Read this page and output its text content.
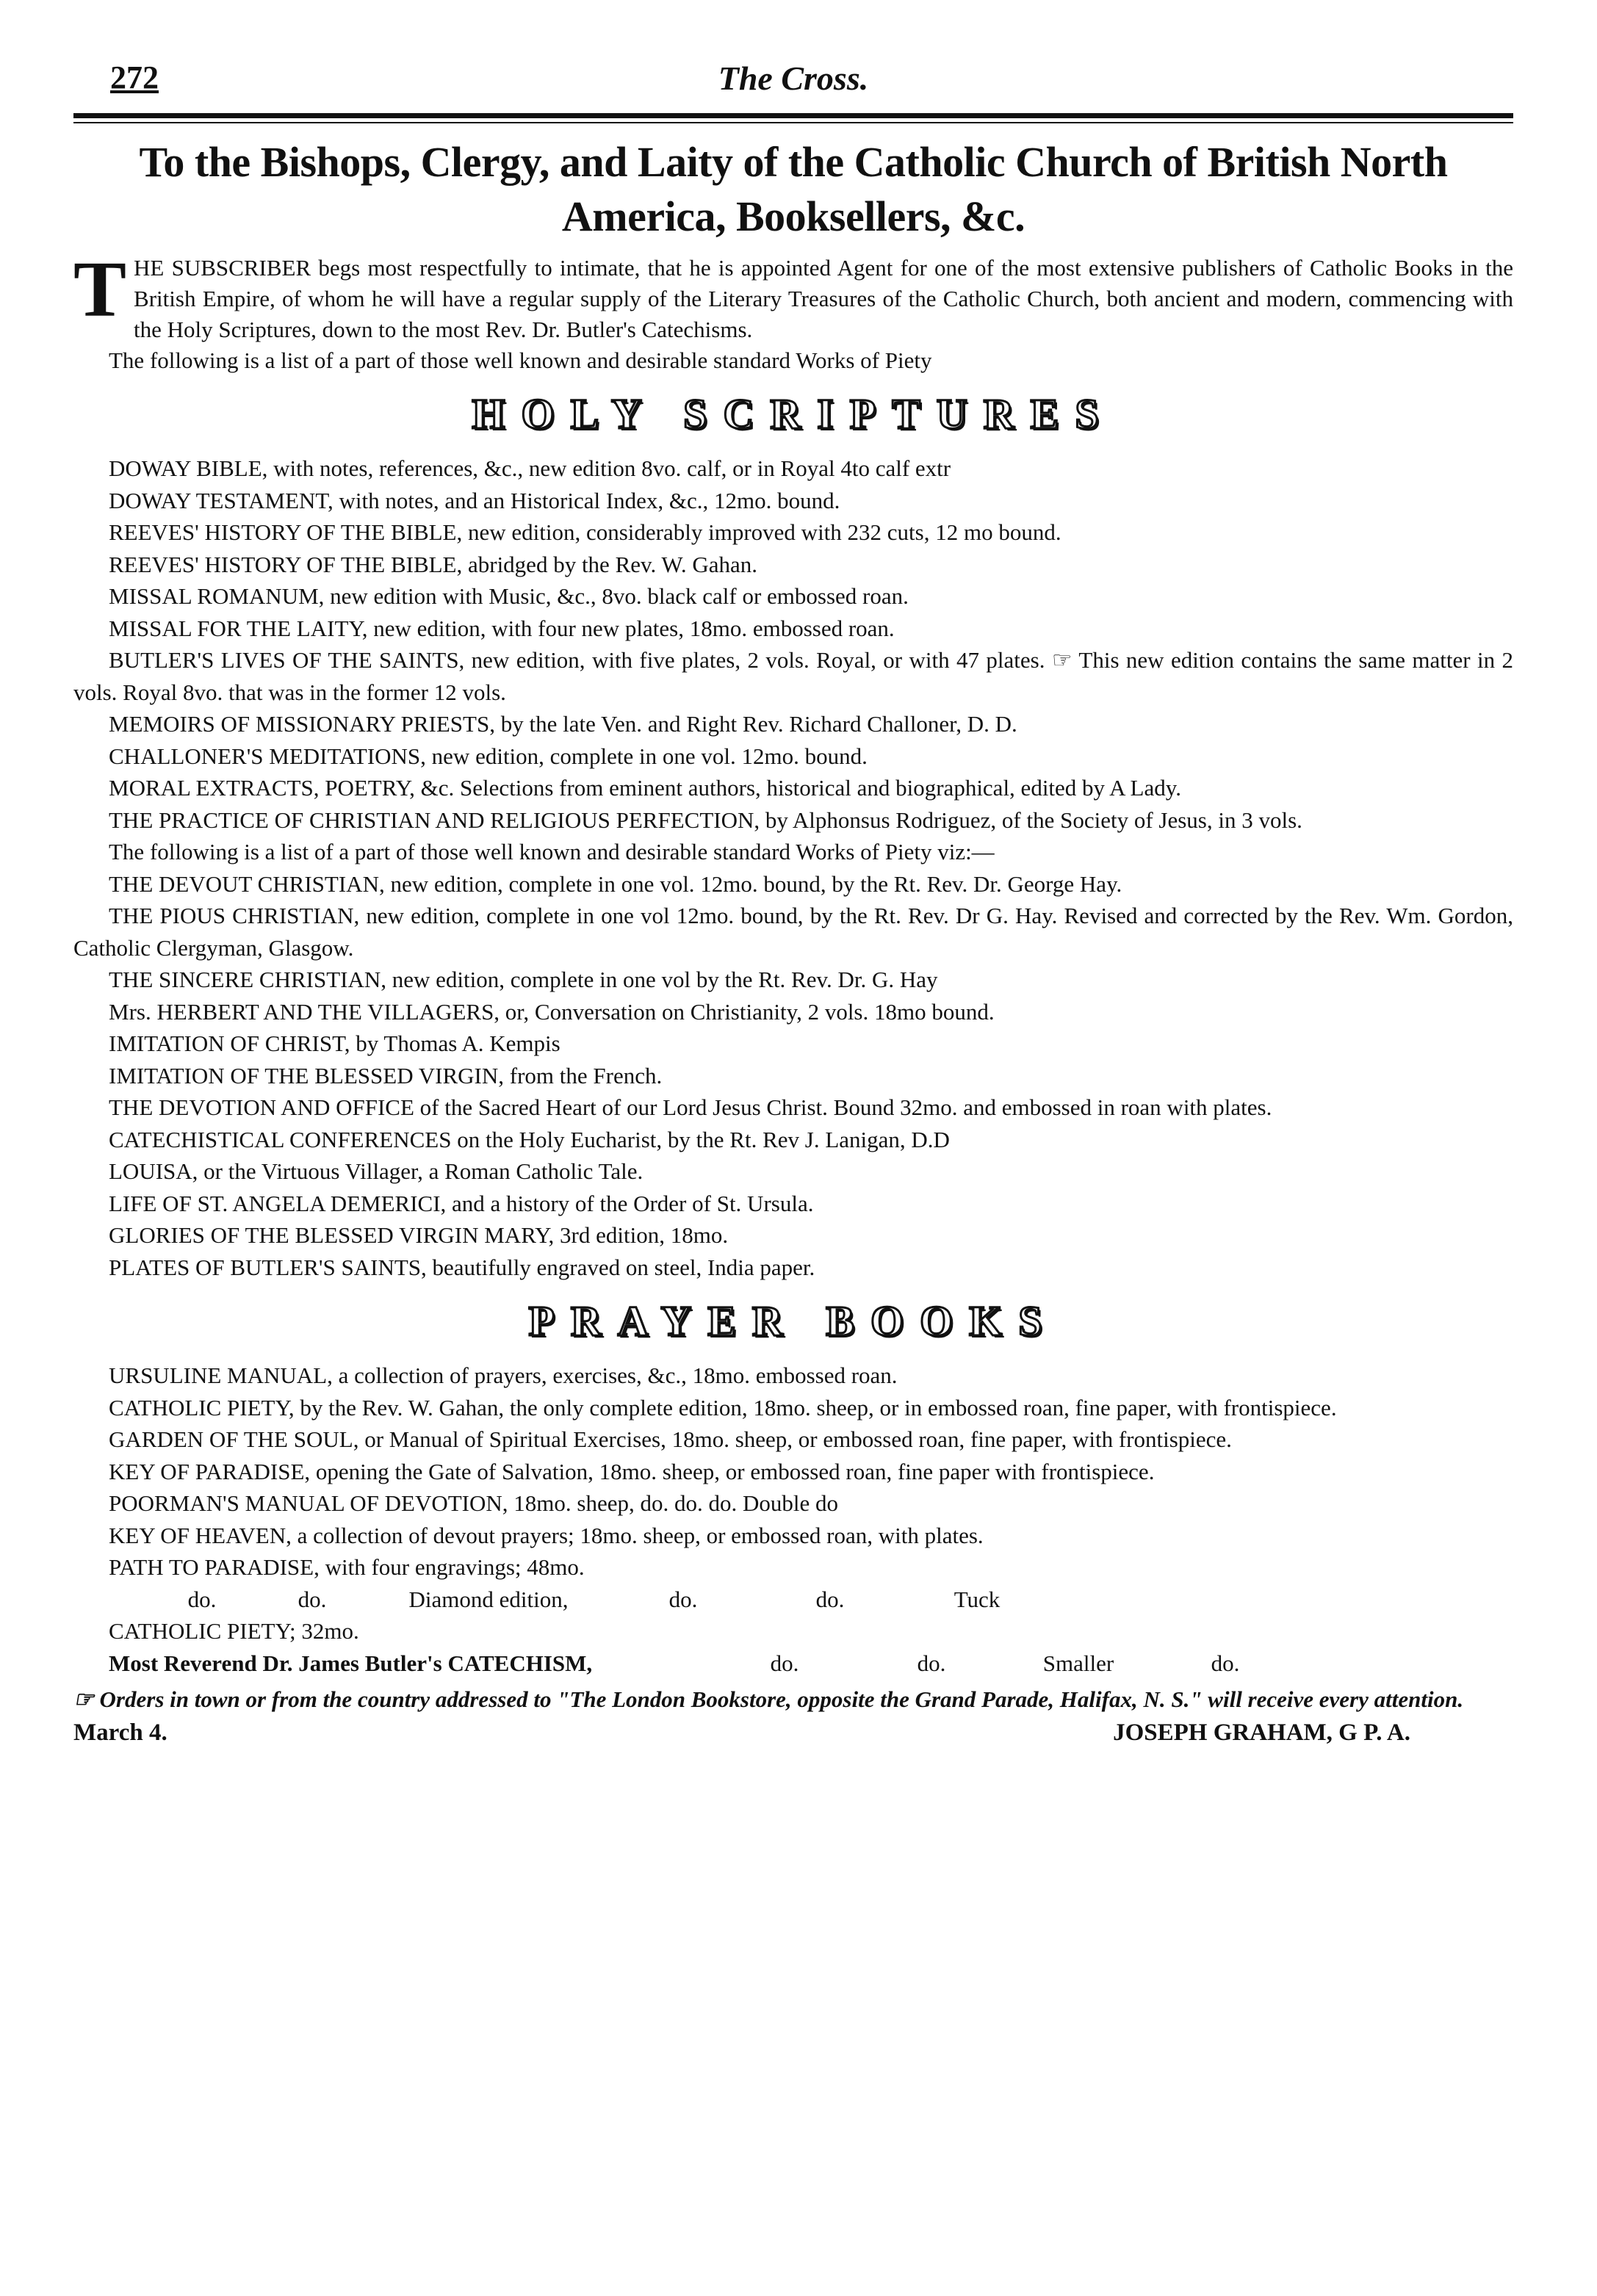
272	The Cross.
To the Bishops, Clergy, and Laity of the Catholic Church of British North America, Booksellers, &c.
T HE SUBSCRIBER begs most respectfully to intimate, that he is appointed Agent for one of the most extensive publishers of Catholic Books in the British Empire, of whom he will have a regular supply of the Literary Treasures of the Catholic Church, both ancient and modern, commencing with the Holy Scriptures, down to the most Rev. Dr. Butler's Catechisms.
The following is a list of a part of those well known and desirable standard Works of Piety
HOLY SCRIPTURES
DOWAY BIBLE, with notes, references, &c., new edition 8vo. calf, or in Royal 4to calf extr
DOWAY TESTAMENT, with notes, and an Historical Index, &c., 12mo. bound.
REEVES' HISTORY OF THE BIBLE, new edition, considerably improved with 232 cuts, 12 mo bound.
REEVES' HISTORY OF THE BIBLE, abridged by the Rev. W. Gahan.
MISSAL ROMANUM, new edition with Music, &c., 8vo. black calf or embossed roan.
MISSAL FOR THE LAITY, new edition, with four new plates, 18mo. embossed roan.
BUTLER'S LIVES OF THE SAINTS, new edition, with five plates, 2 vols. Royal, or with 47 plates. ☞ This new edition contains the same matter in 2 vols. Royal 8vo. that was in the former 12 vols.
MEMOIRS OF MISSIONARY PRIESTS, by the late Ven. and Right Rev. Richard Challoner, D. D.
CHALLONER'S MEDITATIONS, new edition, complete in one vol. 12mo. bound.
MORAL EXTRACTS, POETRY, &c. Selections from eminent authors, historical and biographical, edited by A Lady.
THE PRACTICE OF CHRISTIAN AND RELIGIOUS PERFECTION, by Alphonsus Rodriguez, of the Society of Jesus, in 3 vols.
The following is a list of a part of those well known and desirable standard Works of Piety viz:—
THE DEVOUT CHRISTIAN, new edition, complete in one vol. 12mo. bound, by the Rt. Rev. Dr. George Hay.
THE PIOUS CHRISTIAN, new edition, complete in one vol 12mo. bound, by the Rt. Rev. Dr G. Hay. Revised and corrected by the Rev. Wm. Gordon, Catholic Clergyman, Glasgow.
THE SINCERE CHRISTIAN, new edition, complete in one vol by the Rt. Rev. Dr. G. Hay
Mrs. HERBERT AND THE VILLAGERS, or, Conversation on Christianity, 2 vols. 18mo bound.
IMITATION OF CHRIST, by Thomas A. Kempis
IMITATION OF THE BLESSED VIRGIN, from the French.
THE DEVOTION AND OFFICE of the Sacred Heart of our Lord Jesus Christ. Bound 32mo. and embossed in roan with plates.
CATECHISTICAL CONFERENCES on the Holy Eucharist, by the Rt. Rev J. Lanigan, D.D
LOUISA, or the Virtuous Villager, a Roman Catholic Tale.
LIFE OF ST. ANGELA DEMERICI, and a history of the Order of St. Ursula.
GLORIES OF THE BLESSED VIRGIN MARY, 3rd edition, 18mo.
PLATES OF BUTLER'S SAINTS, beautifully engraved on steel, India paper.
PRAYER BOOKS
URSULINE MANUAL, a collection of prayers, exercises, &c., 18mo. embossed roan.
CATHOLIC PIETY, by the Rev. W. Gahan, the only complete edition, 18mo. sheep, or in embossed roan, fine paper, with frontispiece.
GARDEN OF THE SOUL, or Manual of Spiritual Exercises, 18mo. sheep, or embossed roan, fine paper, with frontispiece.
KEY OF PARADISE, opening the Gate of Salvation, 18mo. sheep, or embossed roan, fine paper with frontispiece.
POORMAN'S MANUAL OF DEVOTION, 18mo. sheep, do. do. do. Double do
KEY OF HEAVEN, a collection of devout prayers; 18mo. sheep, or embossed roan, with plates.
PATH TO PARADISE, with four engravings; 48mo.
do.	do.	Diamond edition,	do.	do.	Tuck
CATHOLIC PIETY; 32mo.
Most Reverend Dr. James Butler's CATECHISM,	do.	do.	Smaller	do.
☞ Orders in town or from the country addressed to "The London Bookstore, opposite the Grand Parade, Halifax, N. S." will receive every attention.
March 4.	JOSEPH GRAHAM, G P. A.
